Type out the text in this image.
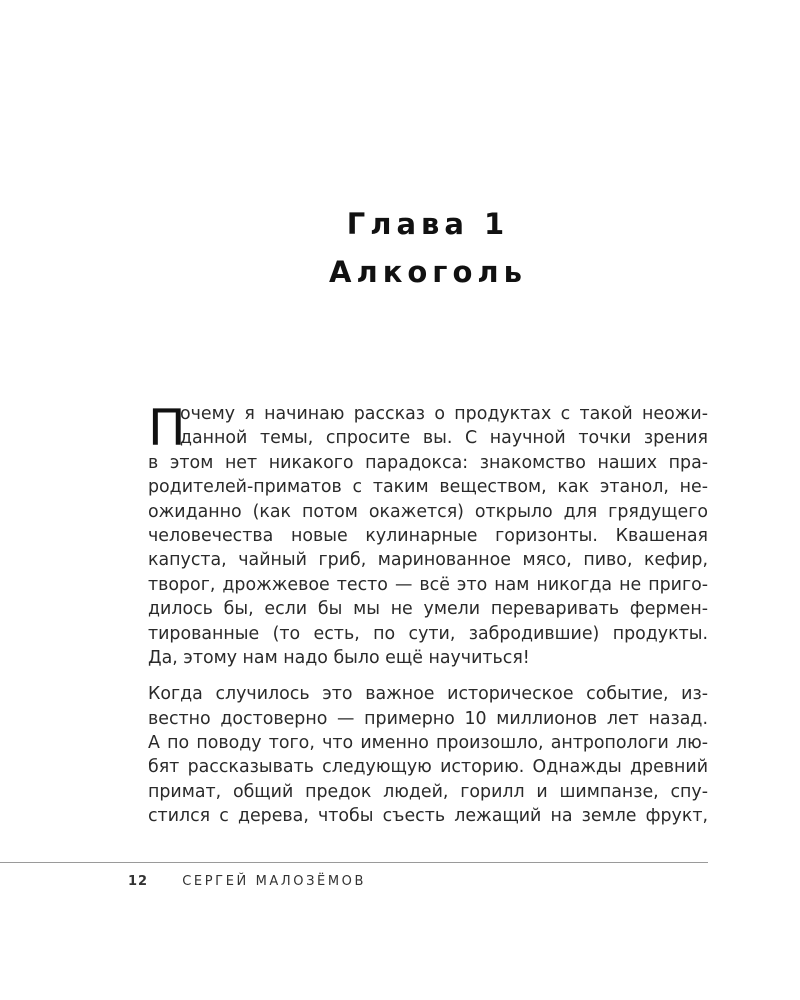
Глава 1
Алкоголь
П
очему я начинаю рассказ о продуктах с такой неожи-
данной темы, спросите вы. С научной точки зрения
в этом нет никакого парадокса: знакомство наших пра-
родителей-приматов с таким веществом, как этанол, не-
ожиданно (как потом окажется) открыло для грядущего
человечества новые кулинарные горизонты. Квашеная
капуста, чайный гриб, маринованное мясо, пиво, кефир,
творог, дрожжевое тесто — всё это нам никогда не приго-
дилось бы, если бы мы не умели переваривать фермен-
тированные (то есть, по сути, забродившие) продукты.
Да, этому нам надо было ещё научиться!
Когда случилось это важное историческое событие, из-
вестно достоверно — примерно 10 миллионов лет назад.
А по поводу того, что именно произошло, антропологи лю-
бят рассказывать следующую историю. Однажды древний
примат, общий предок людей, горилл и шимпанзе, спу-
стился с дерева, чтобы съесть лежащий на земле фрукт,
12	СЕРГЕЙ МАЛОЗЁМОВ
